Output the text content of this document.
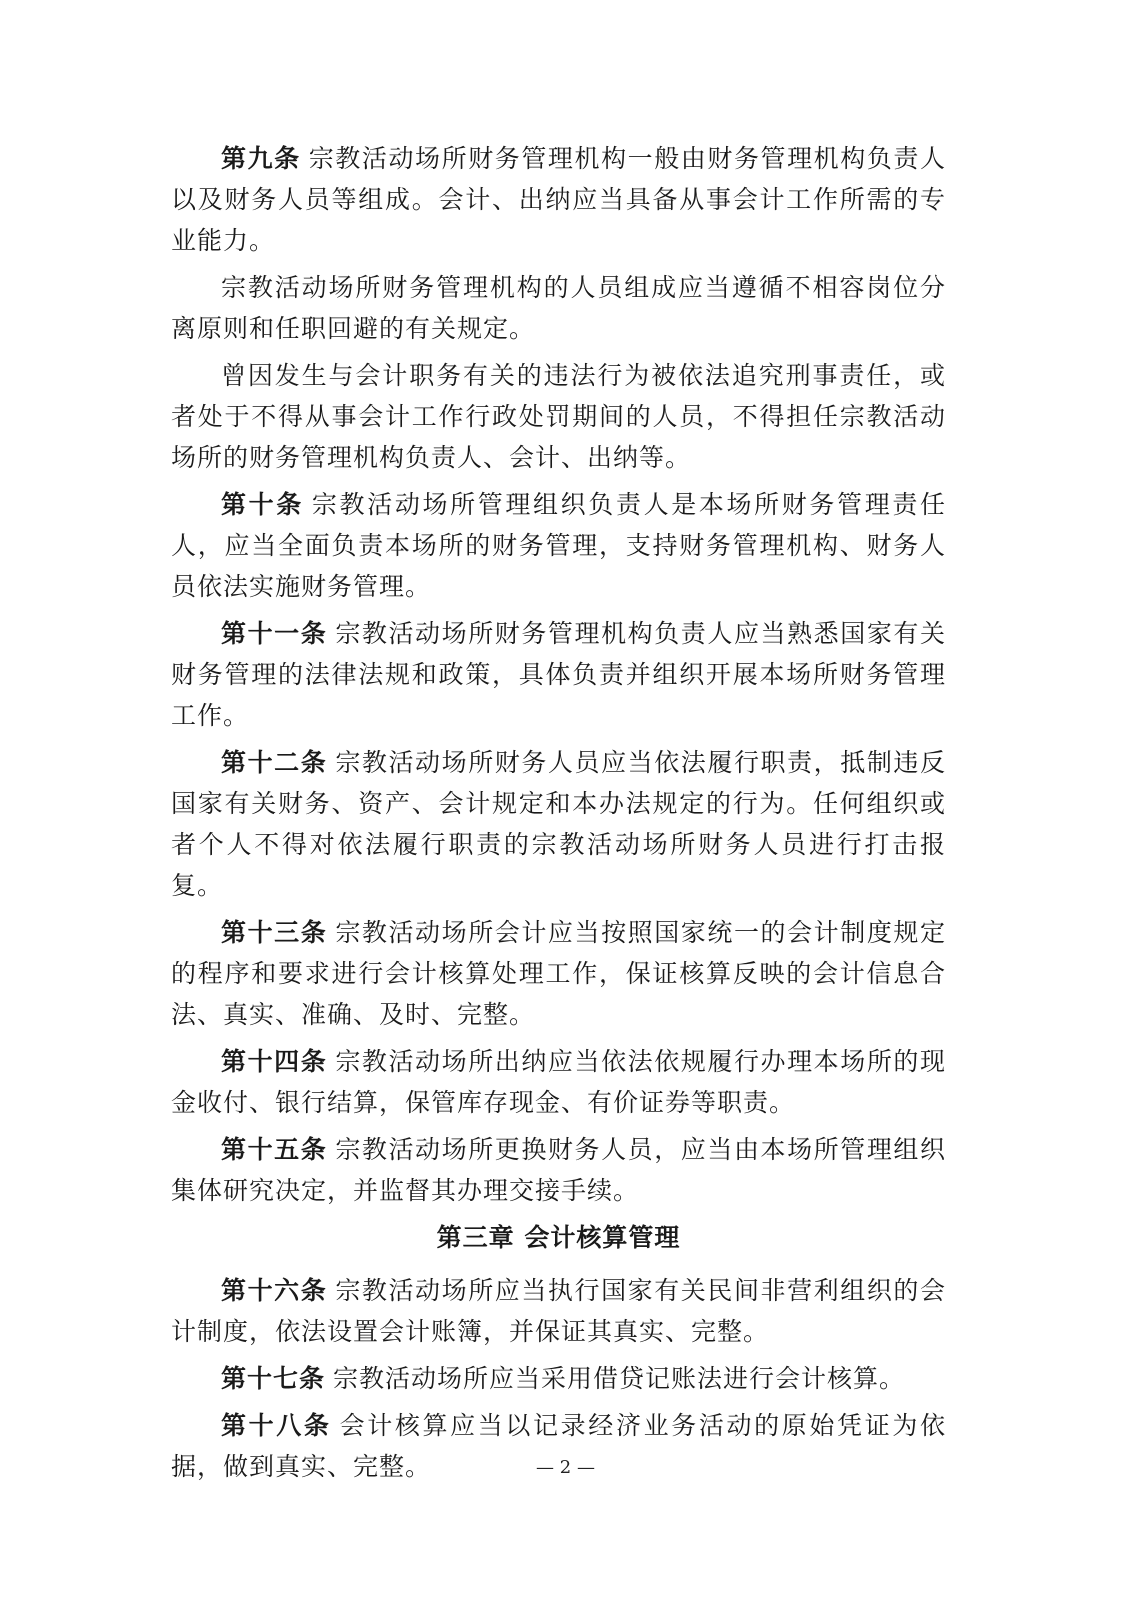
第九条 宗教活动场所财务管理机构一般由财务管理机构负责人以及财务人员等组成。会计、出纳应当具备从事会计工作所需的专业能力。

宗教活动场所财务管理机构的人员组成应当遵循不相容岗位分离原则和任职回避的有关规定。

曾因发生与会计职务有关的违法行为被依法追究刑事责任，或者处于不得从事会计工作行政处罚期间的人员，不得担任宗教活动场所的财务管理机构负责人、会计、出纳等。

第十条 宗教活动场所管理组织负责人是本场所财务管理责任人，应当全面负责本场所的财务管理，支持财务管理机构、财务人员依法实施财务管理。

第十一条 宗教活动场所财务管理机构负责人应当熟悉国家有关财务管理的法律法规和政策，具体负责并组织开展本场所财务管理工作。

第十二条 宗教活动场所财务人员应当依法履行职责，抵制违反国家有关财务、资产、会计规定和本办法规定的行为。任何组织或者个人不得对依法履行职责的宗教活动场所财务人员进行打击报复。

第十三条 宗教活动场所会计应当按照国家统一的会计制度规定的程序和要求进行会计核算处理工作，保证核算反映的会计信息合法、真实、准确、及时、完整。

第十四条 宗教活动场所出纳应当依法依规履行办理本场所的现金收付、银行结算，保管库存现金、有价证券等职责。

第十五条 宗教活动场所更换财务人员，应当由本场所管理组织集体研究决定，并监督其办理交接手续。

第三章 会计核算管理

第十六条 宗教活动场所应当执行国家有关民间非营利组织的会计制度，依法设置会计账簿，并保证其真实、完整。

第十七条 宗教活动场所应当采用借贷记账法进行会计核算。

第十八条 会计核算应当以记录经济业务活动的原始凭证为依据，做到真实、完整。	— 2 —
